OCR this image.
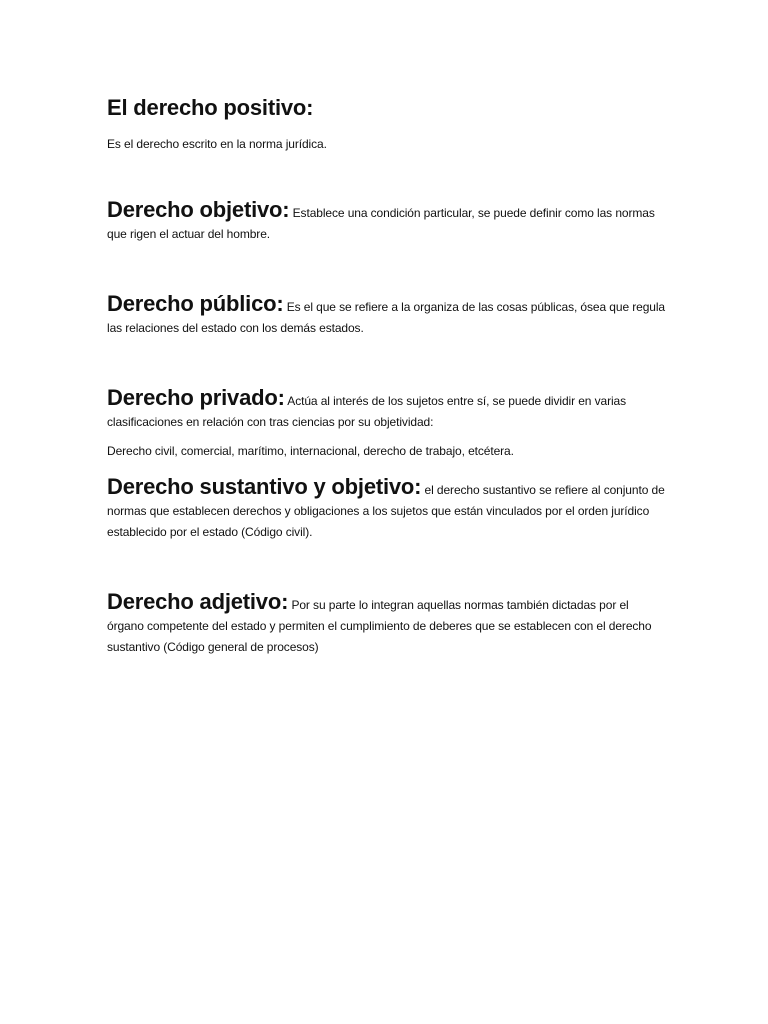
El derecho positivo:

Es el derecho escrito en la norma jurídica.

Derecho objetivo: Establece una condición particular, se puede definir como las normas que rigen el actuar del hombre.

Derecho público: Es el que se refiere a la organiza de las cosas públicas, ósea que regula las relaciones del estado con los demás estados.

Derecho privado: Actúa al interés de los sujetos entre sí, se puede dividir en varias clasificaciones en relación con tras ciencias por su objetividad:

Derecho civil, comercial, marítimo, internacional, derecho de trabajo, etcétera.

Derecho sustantivo y objetivo: el derecho sustantivo se refiere al conjunto de normas que establecen derechos y obligaciones a los sujetos que están vinculados por el orden jurídico establecido por el estado (Código civil).

Derecho adjetivo: Por su parte lo integran aquellas normas también dictadas por el órgano competente del estado y permiten el cumplimiento de deberes que se establecen con el derecho sustantivo (Código general de procesos)
